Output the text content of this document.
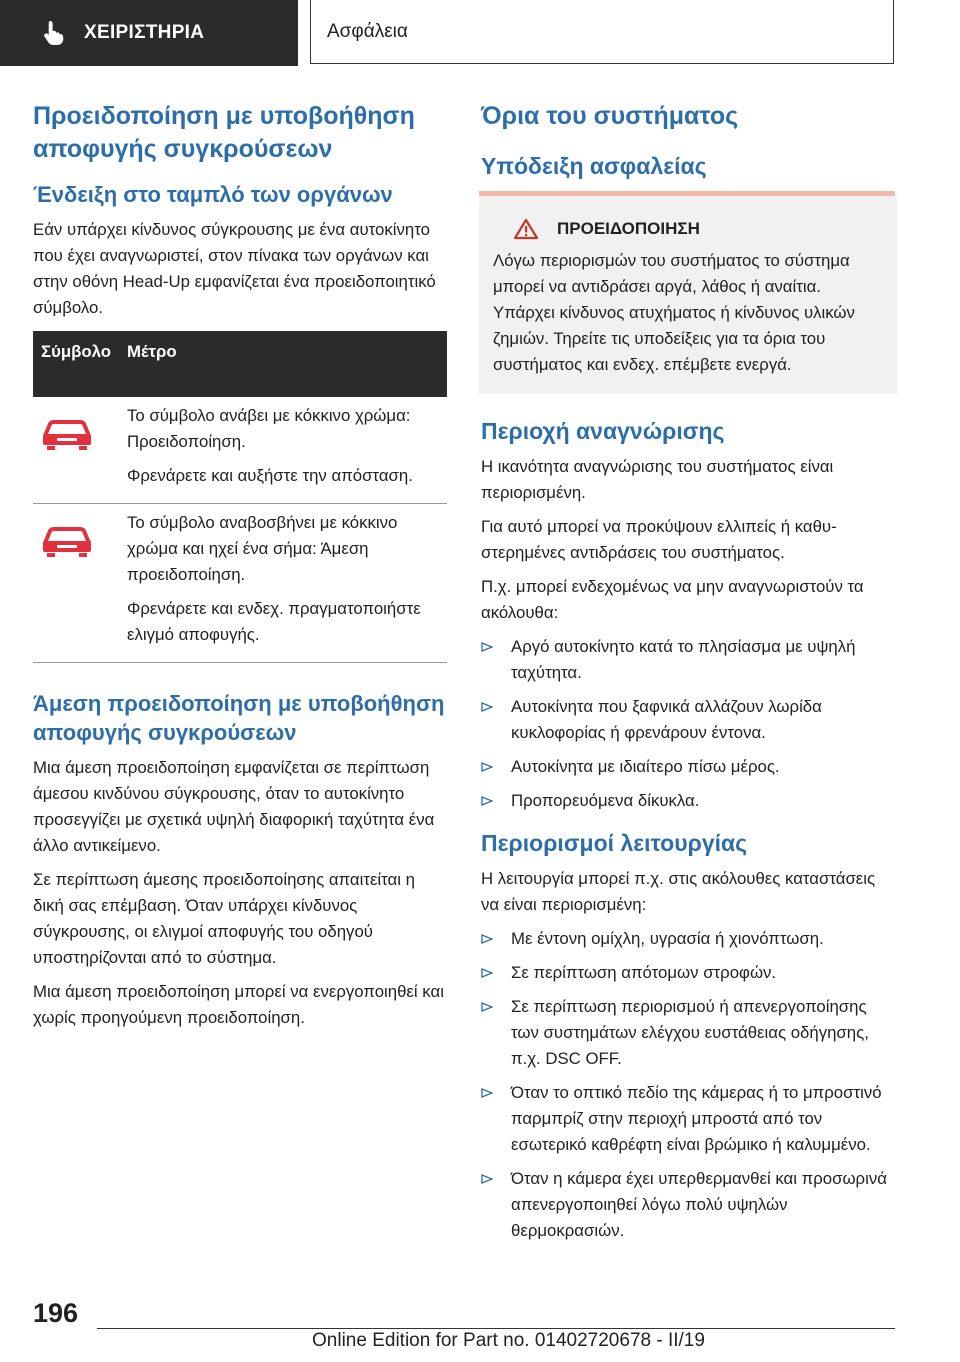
ΧΕΙΡΙΣΤΗΡΙΑ	Ασφάλεια
Προειδοποίηση με υποβοήθηση αποφυγής συγκρούσεων
Ένδειξη στο ταμπλό των οργάνων

Εάν υπάρχει κίνδυνος σύγκρουσης με ένα αυτοκίνητο που έχει αναγνωριστεί, στον πίνακα των οργάνων και στην οθόνη Head-Up εμφανίζεται ένα προειδοποιητικό σύμβολο.

Σύμβολο Μέτρο

Το σύμβολο ανάβει με κόκκινο χρώμα: Προειδοποίηση.

Φρενάρετε και αυξήστε την απόσταση.

Το σύμβολο αναβοσβήνει με κόκκινο χρώμα και ηχεί ένα σήμα: Άμεση προειδοποίηση.

Φρενάρετε και ενδεχ. πραγματοποιήστε ελιγμό αποφυγής.

Άμεση προειδοποίηση με υποβοήθηση αποφυγής συγκρούσεων

Μια άμεση προειδοποίηση εμφανίζεται σε περίπτωση άμεσου κινδύνου σύγκρουσης, όταν το αυτοκίνητο προσεγγίζει με σχετικά υψηλή διαφορική ταχύτητα ένα άλλο αντικείμενο.

Σε περίπτωση άμεσης προειδοποίησης απαιτείται η δική σας επέμβαση. Όταν υπάρχει κίνδυνος σύγκρουσης, οι ελιγμοί αποφυγής του οδηγού υποστηρίζονται από το σύστημα.

Μια άμεση προειδοποίηση μπορεί να ενεργοποιηθεί και χωρίς προηγούμενη προειδοποίηση.

Όρια του συστήματος
Υπόδειξη ασφαλείας
ΠΡΟΕΙΔΟΠΟΙΗΣΗ

Λόγω περιορισμών του συστήματος το σύστημα μπορεί να αντιδράσει αργά, λάθος ή αναίτια. Υπάρχει κίνδυνος ατυχήματος ή κίνδυνος υλικών ζημιών. Τηρείτε τις υποδείξεις για τα όρια του συστήματος και ενδεχ. επέμβετε ενεργά.

Περιοχή αναγνώρισης

Η ικανότητα αναγνώρισης του συστήματος είναι περιορισμένη.

Για αυτό μπορεί να προκύψουν ελλιπείς ή καθυστερημένες αντιδράσεις του συστήματος.

Π.χ. μπορεί ενδεχομένως να μην αναγνωριστούν τα ακόλουθα:

Αργό αυτοκίνητο κατά το πλησίασμα με υψηλή ταχύτητα.
Αυτοκίνητα που ξαφνικά αλλάζουν λωρίδα κυκλοφορίας ή φρενάρουν έντονα.
Αυτοκίνητα με ιδιαίτερο πίσω μέρος.
Προπορευόμενα δίκυκλα.
Περιορισμοί λειτουργίας

Η λειτουργία μπορεί π.χ. στις ακόλουθες καταστάσεις να είναι περιορισμένη:

Με έντονη ομίχλη, υγρασία ή χιονόπτωση.
Σε περίπτωση απότομων στροφών.
Σε περίπτωση περιορισμού ή απενεργοποίησης των συστημάτων ελέγχου ευστάθειας οδήγησης, π.χ. DSC OFF.
Όταν το οπτικό πεδίο της κάμερας ή το μπροστινό παρμπρίζ στην περιοχή μπροστά από τον εσωτερικό καθρέφτη είναι βρώμικο ή καλυμμένο.
Όταν η κάμερα έχει υπερθερμανθεί και προσωρινά απενεργοποιηθεί λόγω πολύ υψηλών θερμοκρασιών.
196
Online Edition for Part no. 01402720678 - II/19
